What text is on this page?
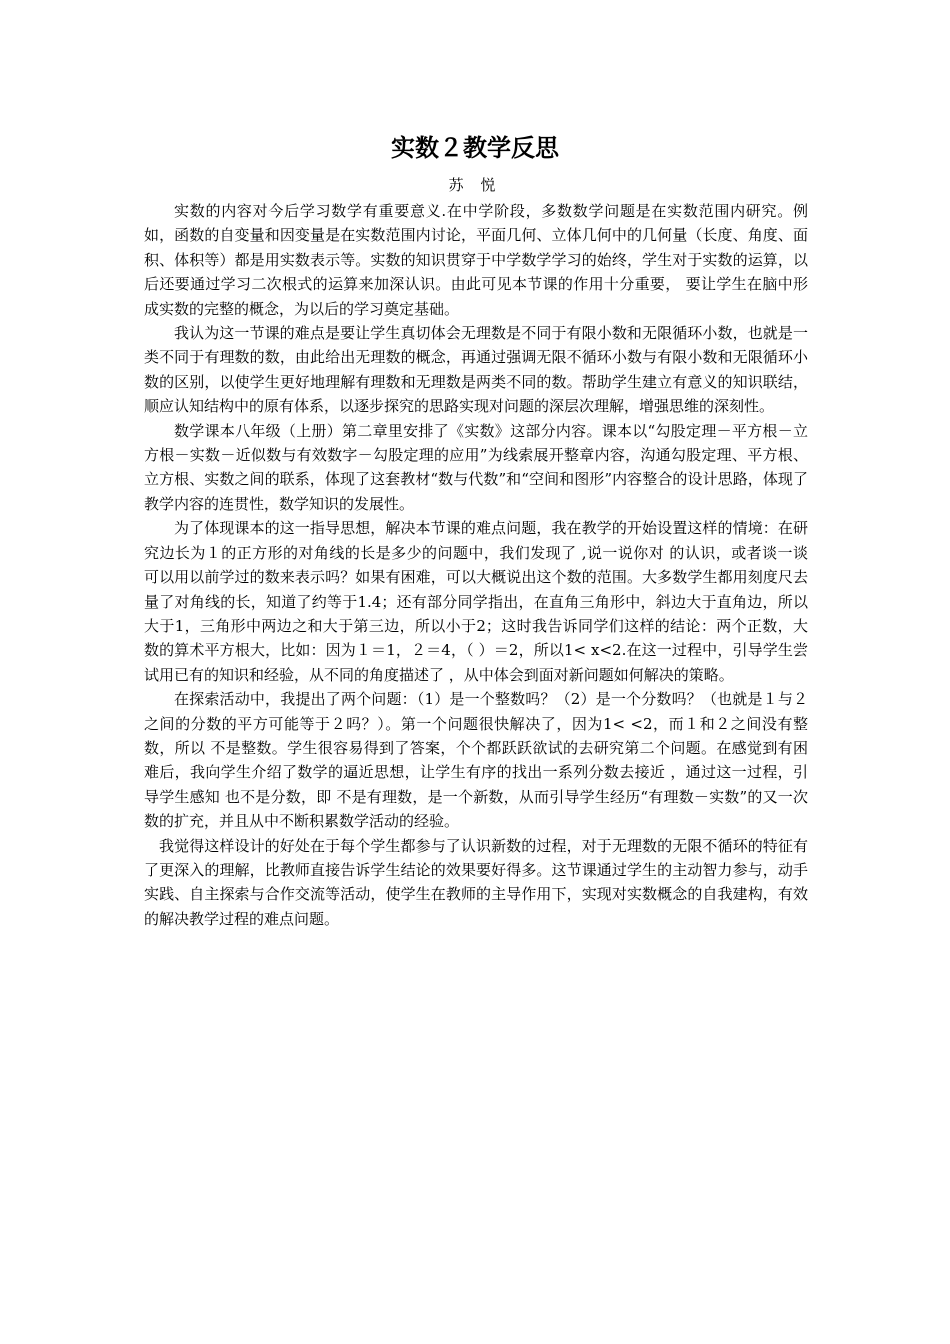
实数２教学反思
苏 悦

实数的内容对今后学习数学有重要意义.在中学阶段，多数数学问题是在实数范围内研究。例如，函数的自变量和因变量是在实数范围内讨论，平面几何、立体几何中的几何量（长度、角度、面积、体积等）都是用实数表示等。实数的知识贯穿于中学数学学习的始终，学生对于实数的运算，以后还要通过学习二次根式的运算来加深认识。由此可见本节课的作用十分重要， 要让学生在脑中形成实数的完整的概念，为以后的学习奠定基础。

我认为这一节课的难点是要让学生真切体会无理数是不同于有限小数和无限循环小数，也就是一类不同于有理数的数，由此给出无理数的概念，再通过强调无限不循环小数与有限小数和无限循环小数的区别，以使学生更好地理解有理数和无理数是两类不同的数。帮助学生建立有意义的知识联结，顺应认知结构中的原有体系，以逐步探究的思路实现对问题的深层次理解，增强思维的深刻性。

数学课本八年级（上册）第二章里安排了《实数》这部分内容。课本以“勾股定理－平方根－立方根－实数－近似数与有效数字－勾股定理的应用”为线索展开整章内容，沟通勾股定理、平方根、立方根、实数之间的联系，体现了这套教材“数与代数”和“空间和图形”内容整合的设计思路，体现了教学内容的连贯性，数学知识的发展性。

为了体现课本的这一指导思想，解决本节课的难点问题，我在教学的开始设置这样的情境：在研究边长为１的正方形的对角线的长是多少的问题中，我们发现了 ,说一说你对 的认识，或者谈一谈 可以用以前学过的数来表示吗？如果有困难，可以大概说出这个数的范围。大多数学生都用刻度尺去量了对角线的长，知道了约等于1.4；还有部分同学指出，在直角三角形中，斜边大于直角边，所以大于1，三角形中两边之和大于第三边，所以小于2；这时我告诉同学们这样的结论：两个正数，大数的算术平方根大，比如：因为１＝1，２＝4，（ ）＝2，所以1< x<2.在这一过程中，引导学生尝试用已有的知识和经验，从不同的角度描述了 ，从中体会到面对新问题如何解决的策略。

在探索活动中，我提出了两个问题：（1）是一个整数吗？（2）是一个分数吗？（也就是１与２之间的分数的平方可能等于２吗？）。第一个问题很快解决了，因为1< <2，而１和２之间没有整数，所以 不是整数。学生很容易得到了答案，个个都跃跃欲试的去研究第二个问题。在感觉到有困难后，我向学生介绍了数学的逼近思想，让学生有序的找出一系列分数去接近 ，通过这一过程，引导学生感知 也不是分数，即 不是有理数，是一个新数，从而引导学生经历“有理数－实数”的又一次数的扩充，并且从中不断积累数学活动的经验。

我觉得这样设计的好处在于每个学生都参与了认识新数的过程，对于无理数的无限不循环的特征有了更深入的理解，比教师直接告诉学生结论的效果要好得多。这节课通过学生的主动智力参与，动手实践、自主探索与合作交流等活动，使学生在教师的主导作用下，实现对实数概念的自我建构，有效的解决教学过程的难点问题。
